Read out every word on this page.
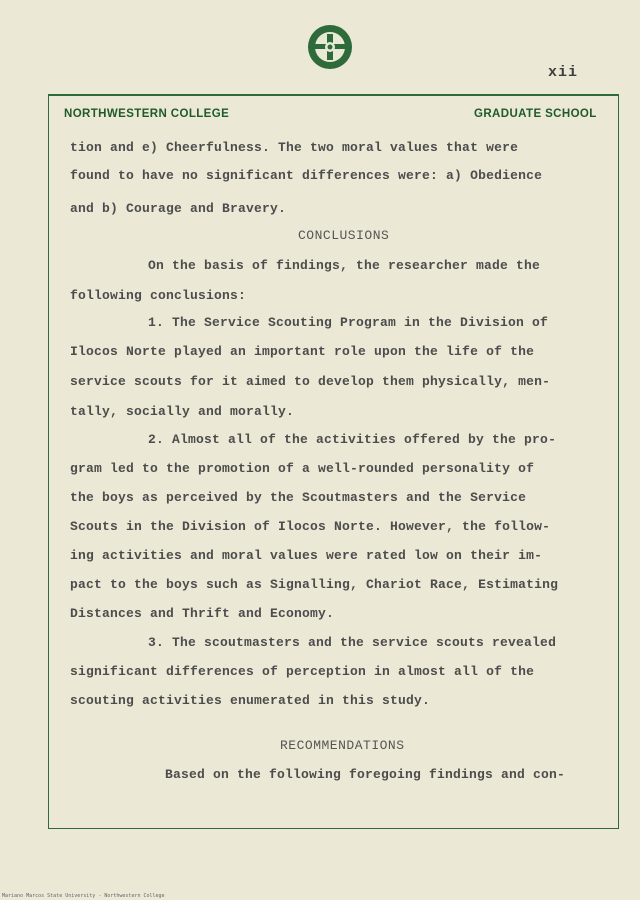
xii
NORTHWESTERN COLLEGE	GRADUATE SCHOOL
tion and e) Cheerfulness. The two moral values that were
found to have no significant differences were: a) Obedience
and b) Courage and Bravery.
CONCLUSIONS
On the basis of findings, the researcher made the
following conclusions:
1. The Service Scouting Program in the Division of
Ilocos Norte played an important role upon the life of the
service scouts for it aimed to develop them physically, men-
tally, socially and morally.
2. Almost all of the activities offered by the pro-
gram led to the promotion of a well-rounded personality of
the boys as perceived by the Scoutmasters and the Service
Scouts in the Division of Ilocos Norte. However, the follow-
ing activities and moral values were rated low on their im-
pact to the boys such as Signalling, Chariot Race, Estimating
Distances and Thrift and Economy.
3. The scoutmasters and the service scouts revealed
significant differences of perception in almost all of the
scouting activities enumerated in this study.
RECOMMENDATIONS
Based on the following foregoing findings and con-
Mariano Marcos State University - Northwestern College
